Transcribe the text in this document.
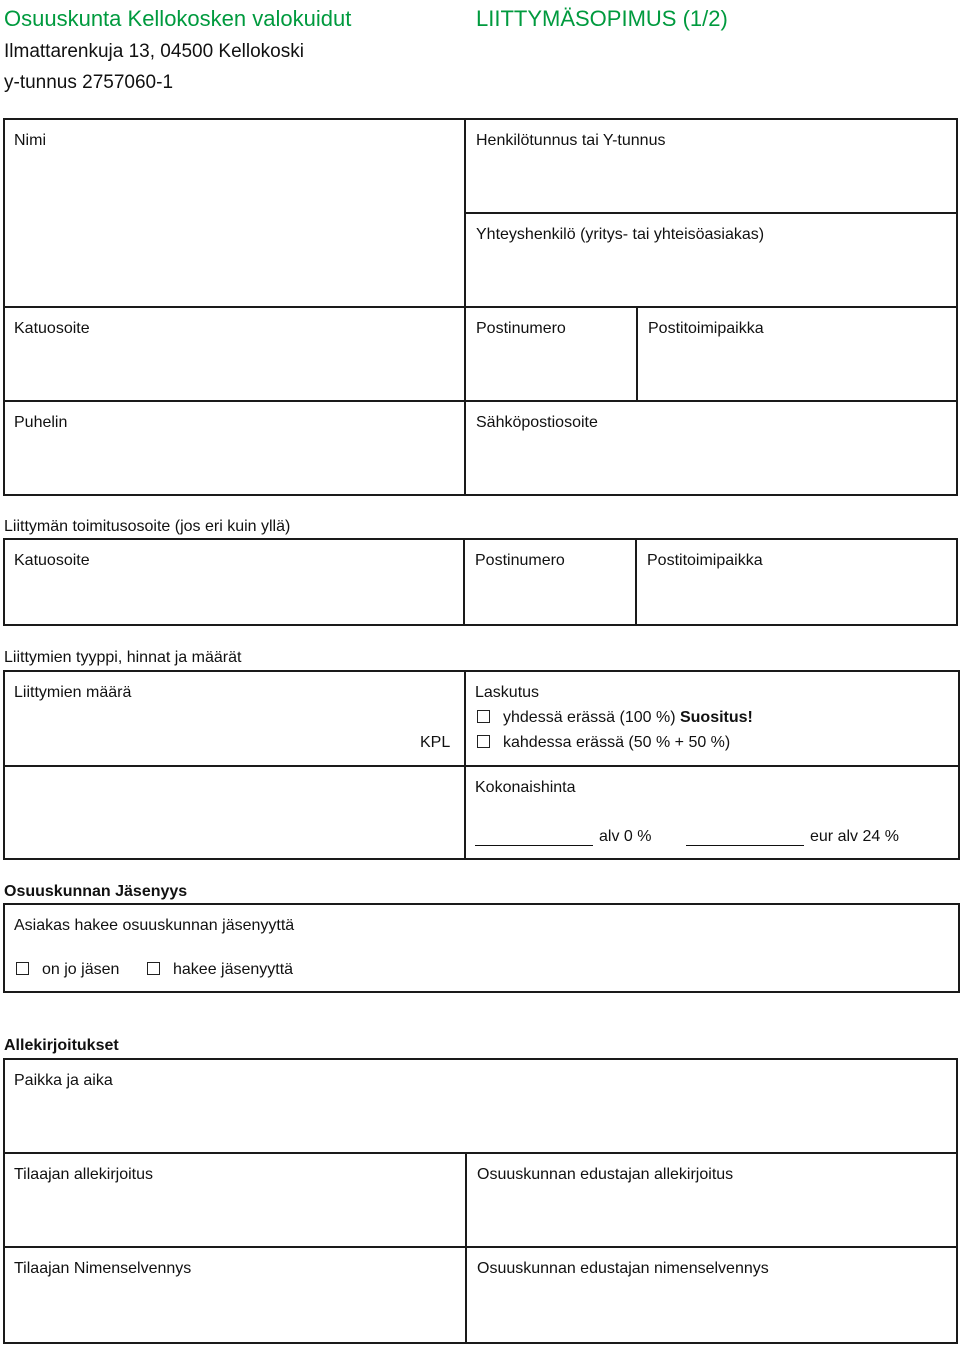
Osuuskunta Kellokosken valokuidut	LIITTYMÄSOPIMUS (1/2)
Ilmattarenkuja 13, 04500 Kellokoski
y-tunnus 2757060-1
Nimi	Henkilötunnus tai Y-tunnus
Yhteyshenkilö (yritys- tai yhteisöasiakas)
Katuosoite	Postinumero	Postitoimipaikka
Puhelin	Sähköpostiosoite
Liittymän toimitusosoite (jos eri kuin yllä)
Katuosoite	Postinumero	Postitoimipaikka
Liittymien tyyppi, hinnat ja määrät
Liittymien määrä
KPL
Laskutus
yhdessä erässä (100 %) Suositus!
kahdessa erässä (50 % + 50 %)
Kokonaishinta
alv 0 %	eur alv 24 %
Osuuskunnan Jäsenyys
Asiakas hakee osuuskunnan jäsenyyttä
on jo jäsen	hakee jäsenyyttä
Allekirjoitukset
Paikka ja aika
Tilaajan allekirjoitus	Osuuskunnan edustajan allekirjoitus
Tilaajan Nimenselvennys	Osuuskunnan edustajan nimenselvennys
